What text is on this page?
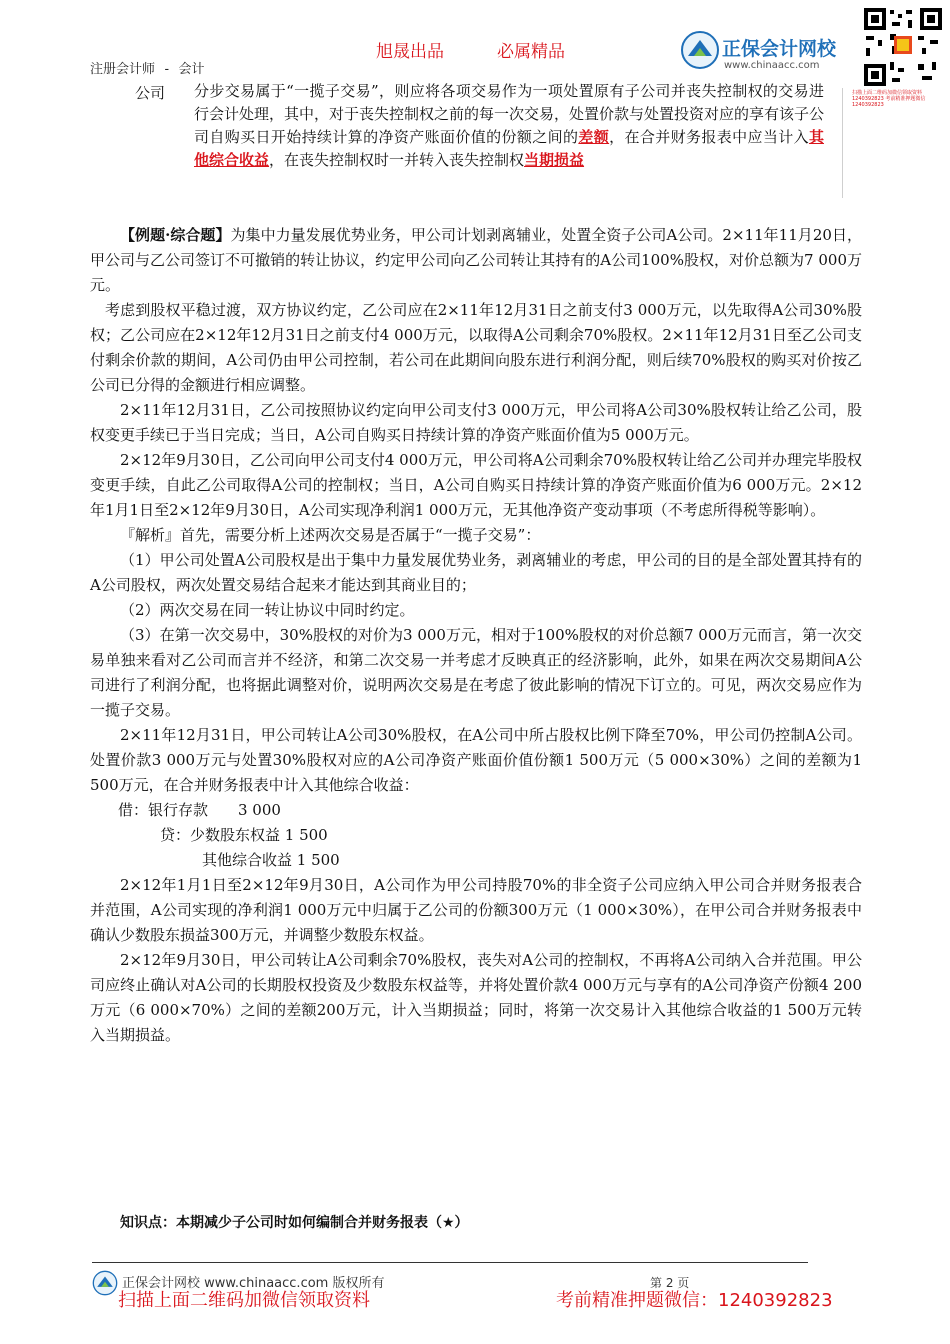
旭晟出品	必属精品
注册会计师 - 会计
正保会计网校
www.chinaacc.com
扫描上面二维码加微信领取资料 1240392823 考前精准押题微信 1240392823
公司 分步交易属于“一揽子交易”，则应将各项交易作为一项处置原有子公司并丧失控制权的交易进行会计处理，其中，对于丧失控制权之前的每一次交易，处置价款与处置投资对应的享有该子公司自购买日开始持续计算的净资产账面价值的份额之间的差额，在合并财务报表中应当计入其他综合收益，在丧失控制权时一并转入丧失控制权当期损益

【例题·综合题】为集中力量发展优势业务，甲公司计划剥离辅业，处置全资子公司A公司。2×11年11月20日，甲公司与乙公司签订不可撤销的转让协议，约定甲公司向乙公司转让其持有的A公司100%股权，对价总额为7 000万元。

考虑到股权平稳过渡，双方协议约定，乙公司应在2×11年12月31日之前支付3 000万元，以先取得A公司30%股权；乙公司应在2×12年12月31日之前支付4 000万元，以取得A公司剩余70%股权。2×11年12月31日至乙公司支付剩余价款的期间，A公司仍由甲公司控制，若公司在此期间向股东进行利润分配，则后续70%股权的购买对价按乙公司已分得的金额进行相应调整。

2×11年12月31日，乙公司按照协议约定向甲公司支付3 000万元，甲公司将A公司30%股权转让给乙公司，股权变更手续已于当日完成；当日，A公司自购买日持续计算的净资产账面价值为5 000万元。

2×12年9月30日，乙公司向甲公司支付4 000万元，甲公司将A公司剩余70%股权转让给乙公司并办理完毕股权变更手续，自此乙公司取得A公司的控制权；当日，A公司自购买日持续计算的净资产账面价值为6 000万元。2×12年1月1日至2×12年9月30日，A公司实现净利润1 000万元，无其他净资产变动事项（不考虑所得税等影响）。

『解析』首先，需要分析上述两次交易是否属于“一揽子交易”：

（1）甲公司处置A公司股权是出于集中力量发展优势业务，剥离辅业的考虑，甲公司的目的是全部处置其持有的A公司股权，两次处置交易结合起来才能达到其商业目的；

（2）两次交易在同一转让协议中同时约定。

（3）在第一次交易中，30%股权的对价为3 000万元，相对于100%股权的对价总额7 000万元而言，第一次交易单独来看对乙公司而言并不经济，和第二次交易一并考虑才反映真正的经济影响，此外，如果在两次交易期间A公司进行了利润分配，也将据此调整对价，说明两次交易是在考虑了彼此影响的情况下订立的。可见，两次交易应作为一揽子交易。

2×11年12月31日，甲公司转让A公司30%股权，在A公司中所占股权比例下降至70%，甲公司仍控制A公司。处置价款3 000万元与处置30%股权对应的A公司净资产账面价值份额1 500万元（5 000×30%）之间的差额为1 500万元，在合并财务报表中计入其他综合收益：

借：银行存款　　3 000

贷：少数股东权益 1 500

其他综合收益 1 500

2×12年1月1日至2×12年9月30日，A公司作为甲公司持股70%的非全资子公司应纳入甲公司合并财务报表合并范围，A公司实现的净利润1 000万元中归属于乙公司的份额300万元（1 000×30%），在甲公司合并财务报表中确认少数股东损益300万元，并调整少数股东权益。

2×12年9月30日，甲公司转让A公司剩余70%股权，丧失对A公司的控制权，不再将A公司纳入合并范围。甲公司应终止确认对A公司的长期股权投资及少数股东权益等，并将处置价款4 000万元与享有的A公司净资产份额4 200万元（6 000×70%）之间的差额200万元，计入当期损益；同时，将第一次交易计入其他综合收益的1 500万元转入当期损益。

知识点：本期减少子公司时如何编制合并财务报表（★）
正保会计网校 www.chinaacc.com 版权所有	第 2 页
扫描上面二维码加微信领取资料	考前精准押题微信：1240392823
